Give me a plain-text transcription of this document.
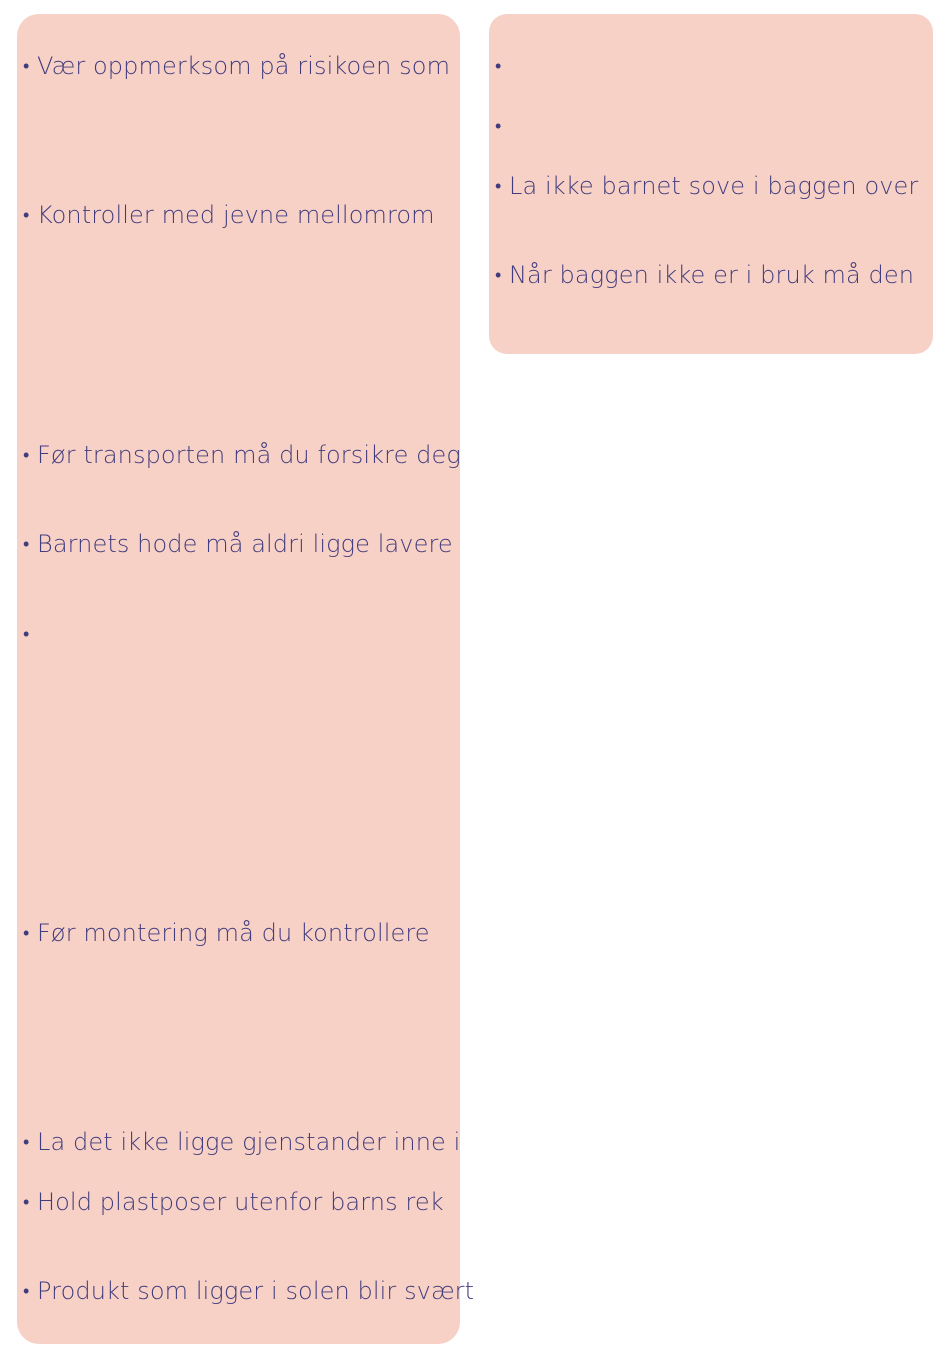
• Vær oppmerksom på risikoen som
• Kontroller med jevne mellomrom
• Før transporten må du forsikre deg
• Barnets hode må aldri ligge lavere
•
• Før montering må du kontrollere
• La det ikke ligge gjenstander inne i
• Hold plastposer utenfor barns rek
• Produkt som ligger i solen blir svært
•
•
• La ikke barnet sove i baggen over
• Når baggen ikke er i bruk må den
